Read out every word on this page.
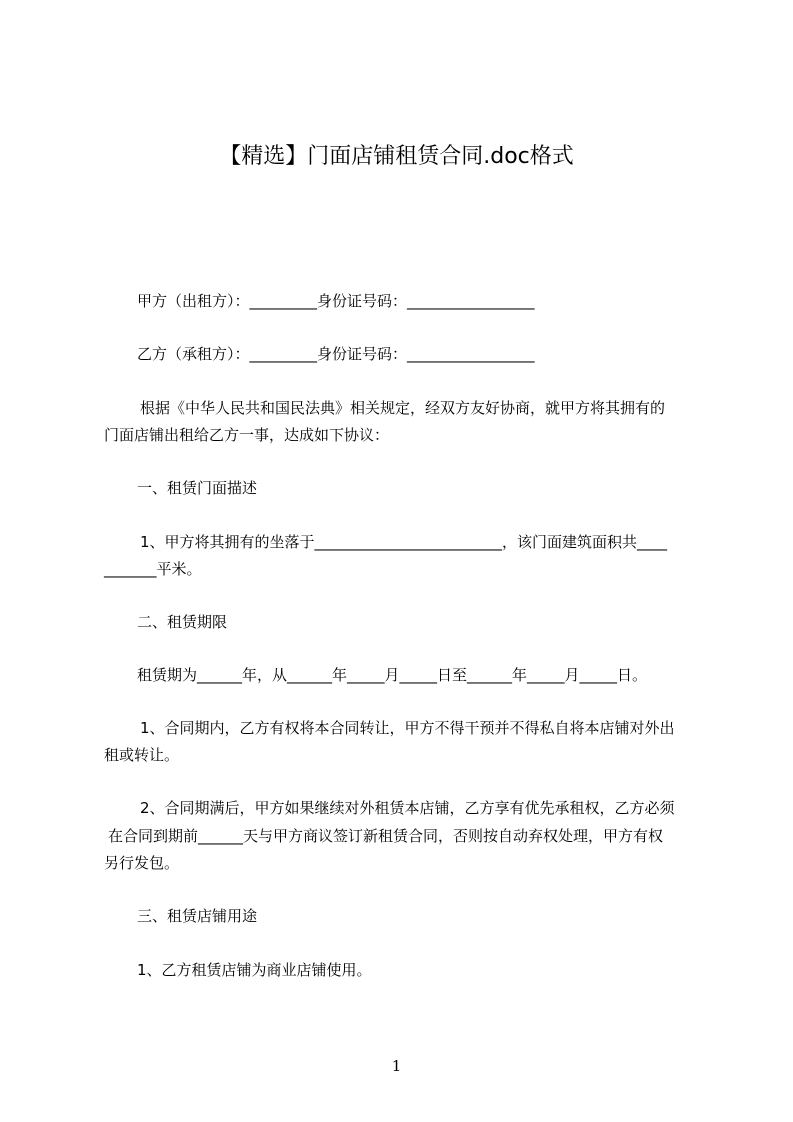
【精选】门面店铺租赁合同.doc格式
甲方（出租方）：_________身份证号码：_________________
乙方（承租方）：_________身份证号码：_________________
根据《中华人民共和国民法典》相关规定，经双方友好协商，就甲方将其拥有的
门面店铺出租给乙方一事，达成如下协议：
一、租赁门面描述
1、甲方将其拥有的坐落于_________________________，该门面建筑面积共____
_______平米。
二、租赁期限
租赁期为______年，从______年_____月_____日至______年_____月_____日。
1、合同期内，乙方有权将本合同转让，甲方不得干预并不得私自将本店铺对外出
租或转让。
2、合同期满后，甲方如果继续对外租赁本店铺，乙方享有优先承租权，乙方必须
在合同到期前______天与甲方商议签订新租赁合同，否则按自动弃权处理，甲方有权
另行发包。
三、租赁店铺用途
1、乙方租赁店铺为商业店铺使用。
1
